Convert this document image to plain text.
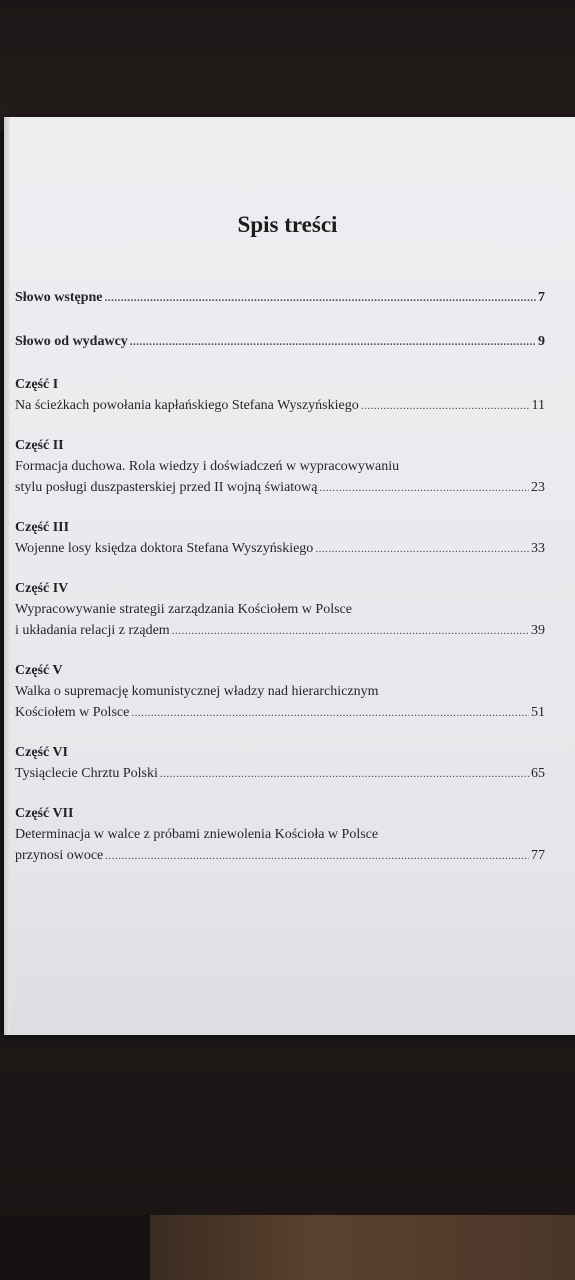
Spis treści
Słowo wstępne .....	7
Słowo od wydawcy .....	9
Część I
Na ścieżkach powołania kapłańskiego Stefana Wyszyńskiego .....	11
Część II
Formacja duchowa. Rola wiedzy i doświadczeń w wypracowywaniu
stylu posługi duszpasterskiej przed II wojną światową .....	23
Część III
Wojenne losy księdza doktora Stefana Wyszyńskiego .....	33
Część IV
Wypracowywanie strategii zarządzania Kościołem w Polsce
i układania relacji z rządem .....	39
Część V
Walka o supremację komunistycznej władzy nad hierarchicznym
Kościołem w Polsce .....	51
Część VI
Tysiąclecie Chrztu Polski .....	65
Część VII
Determinacja w walce z próbami zniewolenia Kościoła w Polsce
przynosi owoce .....	77
